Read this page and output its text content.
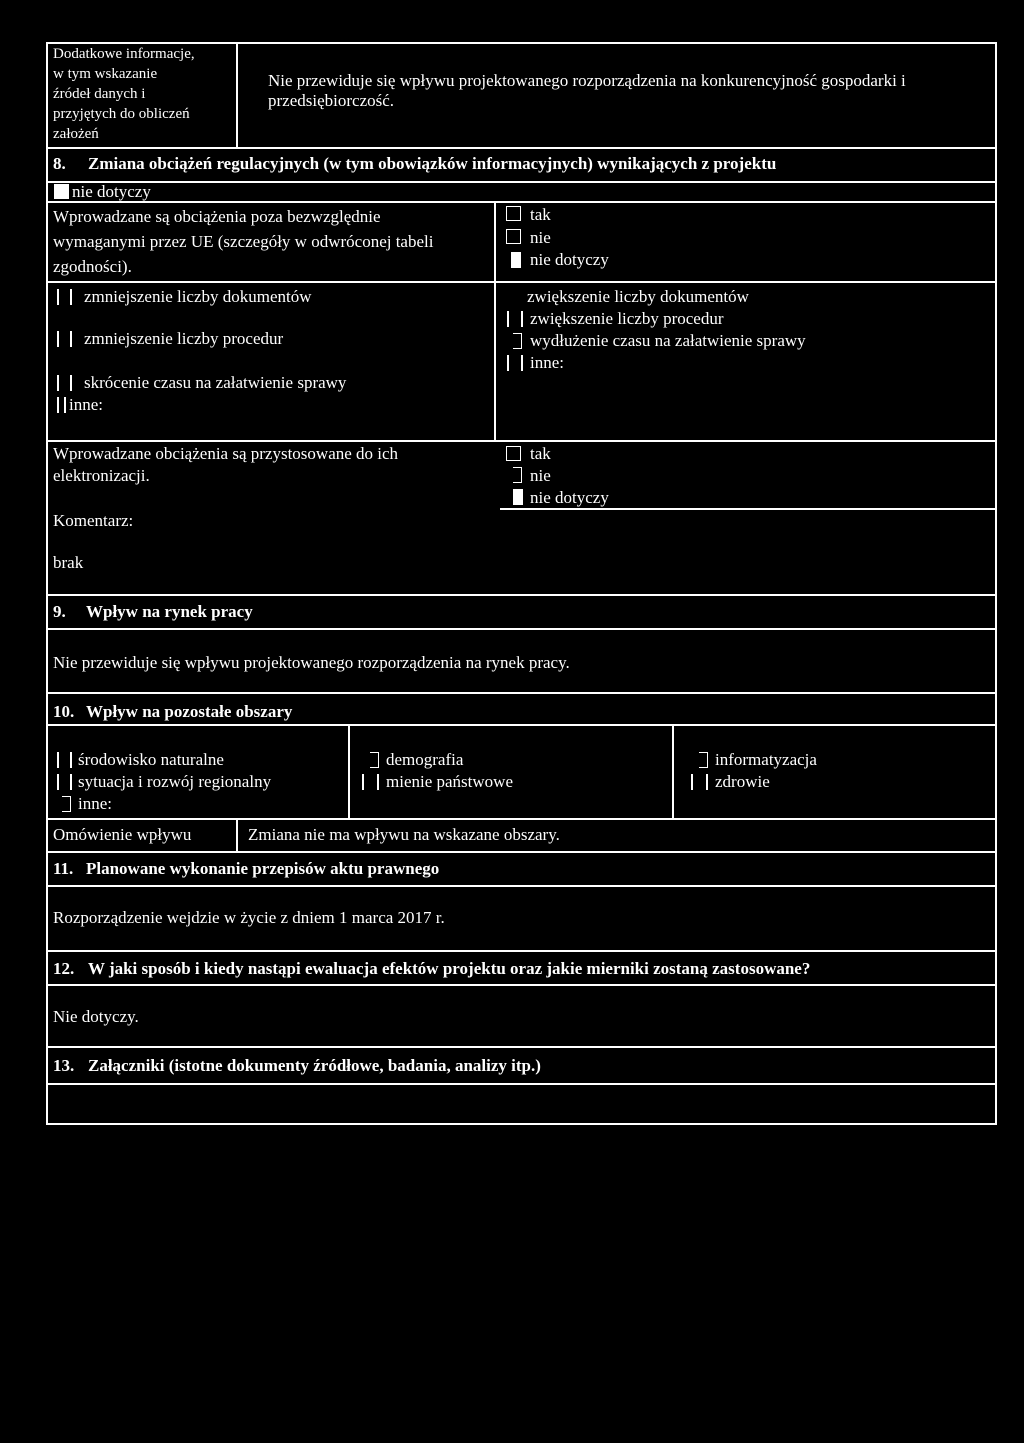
Dodatkowe informacje,
w tym wskazanie
źródeł danych i
przyjętych do obliczeń
założeń
Nie przewiduje się wpływu projektowanego rozporządzenia na konkurencyjność gospodarki i
przedsiębiorczość.
8. Zmiana obciążeń regulacyjnych (w tym obowiązków informacyjnych) wynikających z projektu
nie dotyczy
Wprowadzane są obciążenia poza bezwzględnie
wymaganymi przez UE (szczegóły w odwróconej tabeli
zgodności).
tak
nie
nie dotyczy
zmniejszenie liczby dokumentów
zmniejszenie liczby procedur
skrócenie czasu na załatwienie sprawy
inne:
zwiększenie liczby dokumentów
zwiększenie liczby procedur
wydłużenie czasu na załatwienie sprawy
inne:
Wprowadzane obciążenia są przystosowane do ich
elektronizacji.
tak
nie
nie dotyczy
Komentarz:
brak
9. Wpływ na rynek pracy
Nie przewiduje się wpływu projektowanego rozporządzenia na rynek pracy.
10. Wpływ na pozostałe obszary
środowisko naturalne
sytuacja i rozwój regionalny
inne:
demografia
mienie państwowe
informatyzacja
zdrowie
Omówienie wpływu	Zmiana nie ma wpływu na wskazane obszary.
11. Planowane wykonanie przepisów aktu prawnego
Rozporządzenie wejdzie w życie z dniem 1 marca 2017 r.
12. W jaki sposób i kiedy nastąpi ewaluacja efektów projektu oraz jakie mierniki zostaną zastosowane?
Nie dotyczy.
13. Załączniki (istotne dokumenty źródłowe, badania, analizy itp.)
